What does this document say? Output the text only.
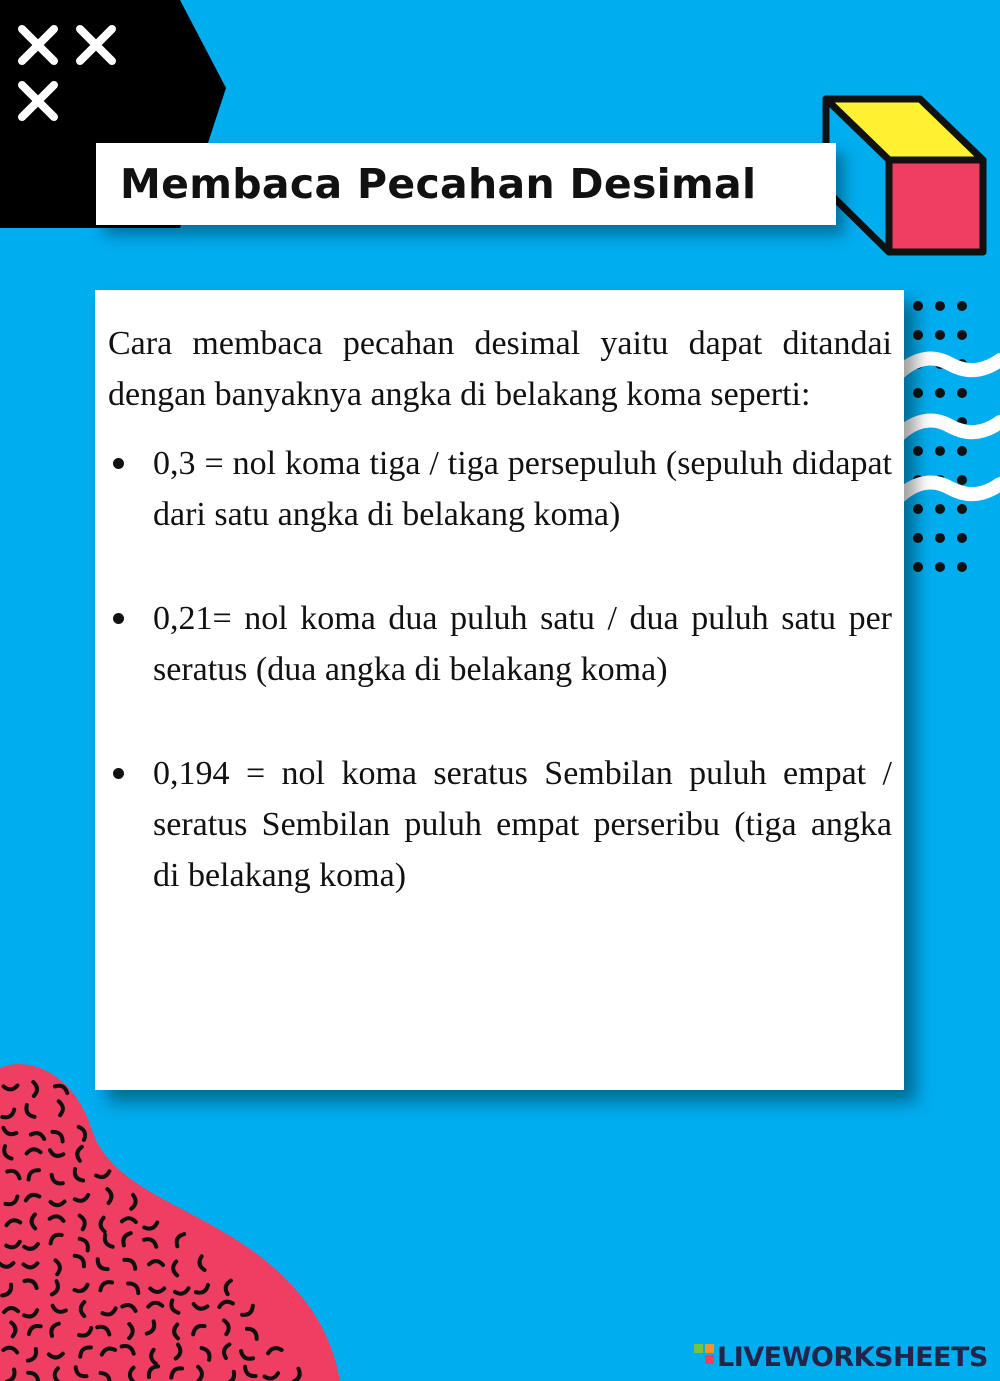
Membaca Pecahan Desimal

Cara membaca pecahan desimal yaitu dapat ditandai dengan banyaknya angka di belakang koma seperti:

0,3 = nol koma tiga / tiga persepuluh (sepuluh didapat dari satu angka di belakang koma)
0,21= nol koma dua puluh satu / dua puluh satu per seratus (dua angka di belakang koma)
0,194 = nol koma seratus Sembilan puluh empat / seratus Sembilan puluh empat perseribu (tiga angka di belakang koma)
LIVEWORKSHEETS
